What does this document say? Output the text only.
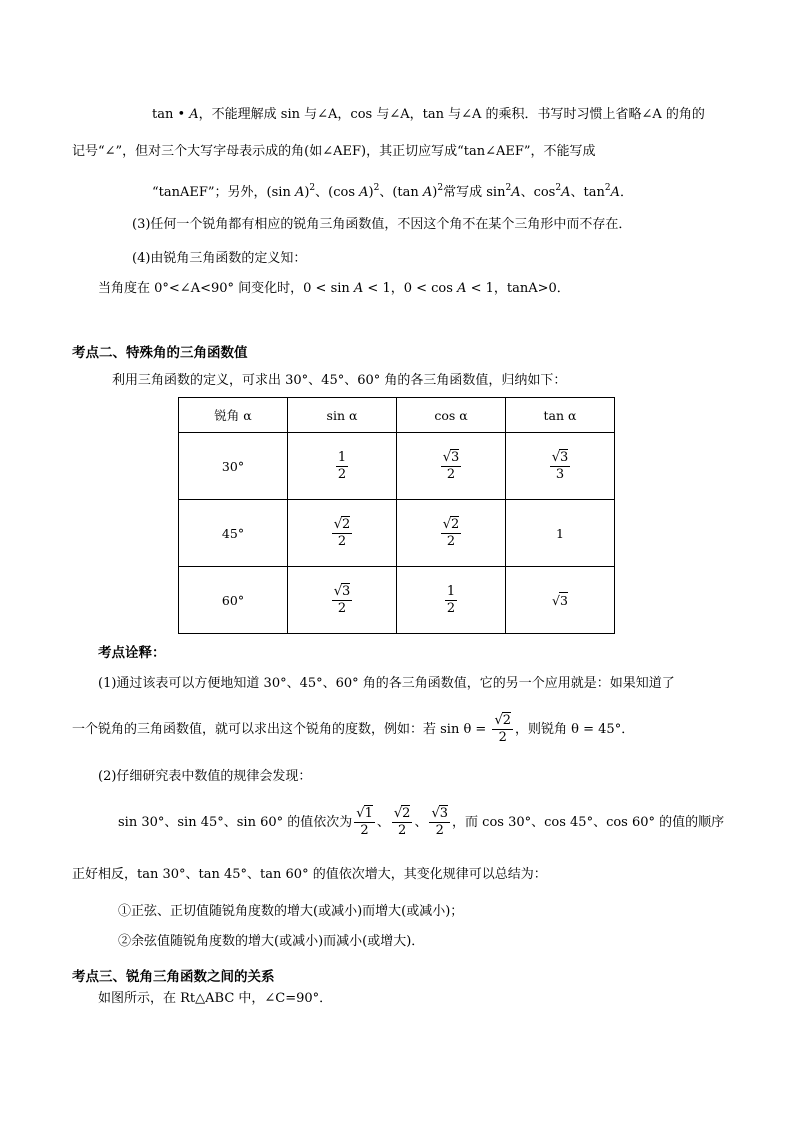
tan • A，不能理解成 sin 与∠A，cos 与∠A，tan 与∠A 的乘积．书写时习惯上省略∠A 的角的
记号“∠”，但对三个大写字母表示成的角(如∠AEF)，其正切应写成“tan∠AEF”，不能写成
“tanAEF”；另外，(sin A)$^2$、(cos A)$^2$、(tan A)$^2$常写成 $\sin^2A$、$\cos^2A$、$\tan^2A$．
(3)任何一个锐角都有相应的锐角三角函数值，不因这个角不在某个三角形中而不存在．
(4)由锐角三角函数的定义知：
当角度在 0°<∠A<90° 间变化时，0 < sin A < 1，0 < cos A < 1，tanA>0．
考点二、特殊角的三角函数值
利用三角函数的定义，可求出 30°、45°、60° 角的各三角函数值，归纳如下：
锐角 α	sin α	cos α	tan α
30°	$\frac{1}{2}$	$\frac{√3}{2}$	$\frac{√3}{3}$

45°	$\frac{√2}{2}$	$\frac{√2}{2}$	1
60°	$\frac{√3}{2}$	$\frac{1}{2}$	√3
考点诠释：
(1)通过该表可以方便地知道 30°、45°、60° 角的各三角函数值，它的另一个应用就是：如果知道了
一个锐角的三角函数值，就可以求出这个锐角的度数，例如：若 $\sin \theta = \frac{√2}{2}$ ，则锐角 θ = 45°．
(2)仔细研究表中数值的规律会发现：
sin 30°、sin 45°、sin 60° 的值依次为 $\frac{√1}{2}$ 、 $\frac{√2}{2}$ 、 $\frac{√3}{2}$ ，而 cos 30°、cos 45°、cos 60° 的值的顺序
正好相反，tan 30°、tan 45°、tan 60° 的值依次增大，其变化规律可以总结为：
①正弦、正切值随锐角度数的增大(或减小)而增大(或减小)；
②余弦值随锐角度数的增大(或减小)而减小(或增大)．
考点三、锐角三角函数之间的关系
如图所示，在 Rt△ABC 中，∠C=90°．
